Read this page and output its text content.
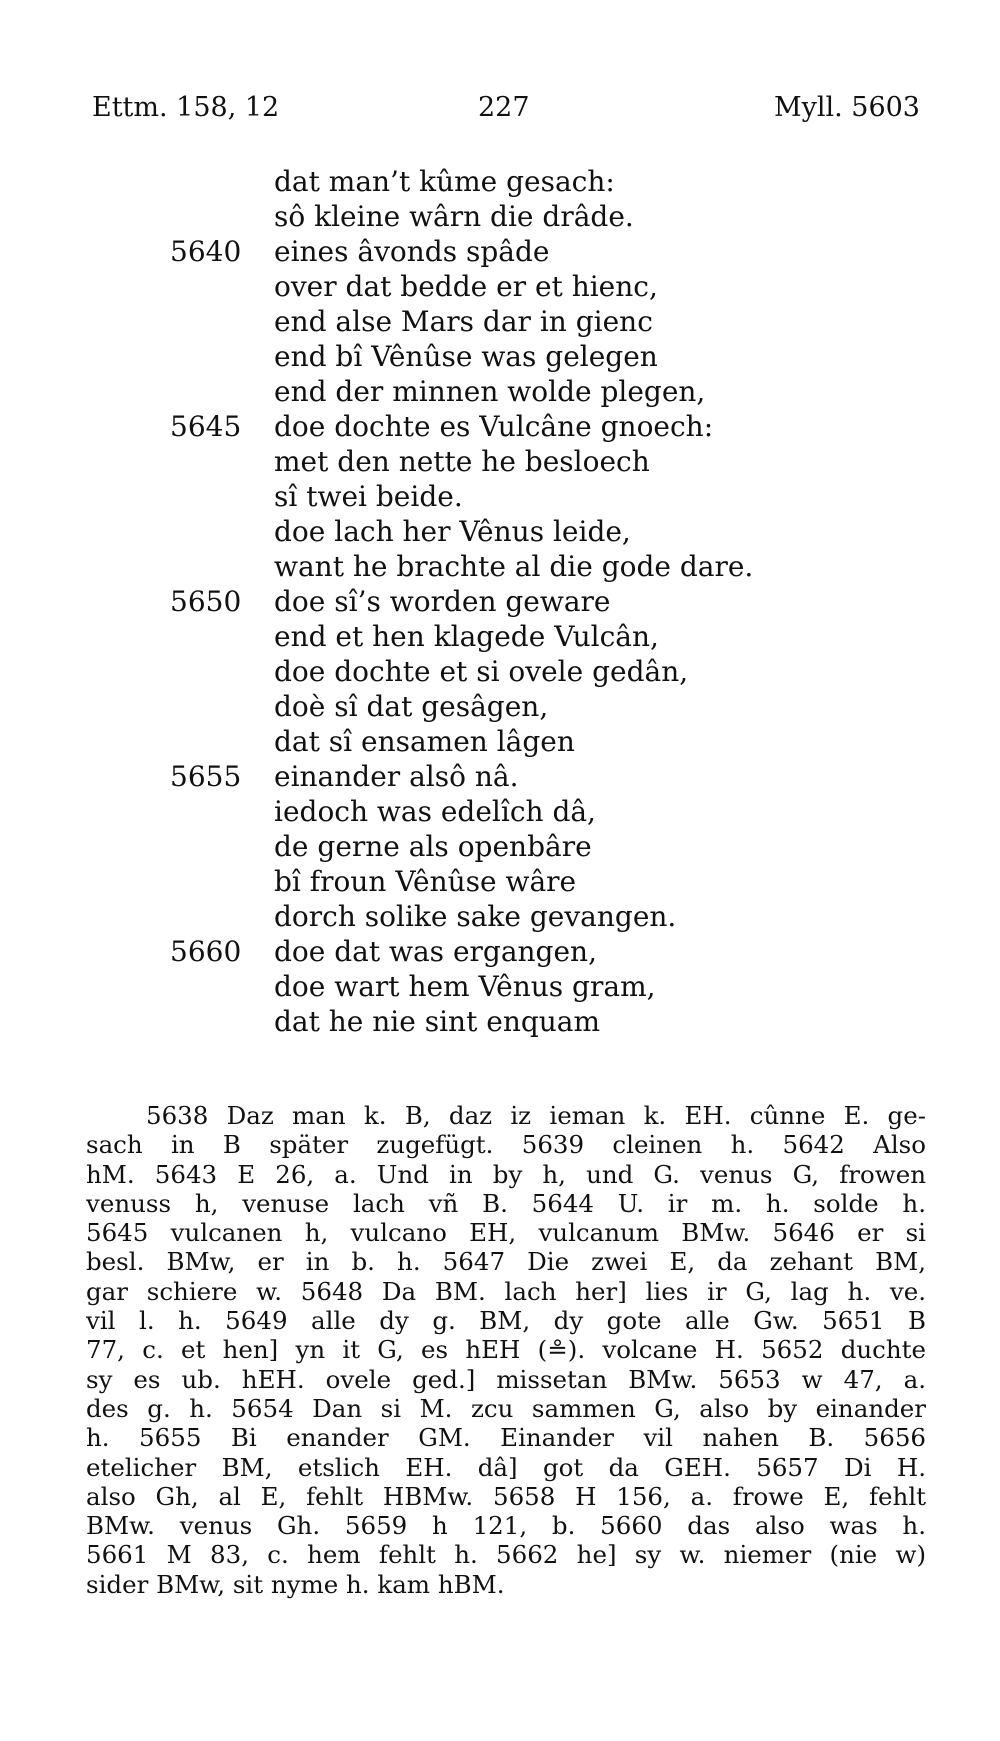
Ettm. 158, 12	227	Myll. 5603
dat man’t kûme gesach:
sô kleine wârn die drâde.
5640	eines âvonds spâde
over dat bedde er et hienc,
end alse Mars dar in gienc
end bî Vênûse was gelegen
end der minnen wolde plegen,
5645	doe dochte es Vulcâne gnoech:
met den nette he besloech
sî twei beide.
doe lach her Vênus leide,
want he brachte al die gode dare.
5650	doe sî’s worden geware
end et hen klagede Vulcân,
doe dochte et si ovele gedân,
doè sî dat gesâgen,
dat sî ensamen lâgen
5655	einander alsô nâ.
iedoch was edelîch dâ,
de gerne als openbâre
bî froun Vênûse wâre
dorch solike sake gevangen.
5660	doe dat was ergangen,
doe wart hem Vênus gram,
dat he nie sint enquam
5638 Daz man k. B, daz iz ieman k. EH. cûnne E. ge-
sach in B später zugefügt. 5639 cleinen h. 5642 Also
hM. 5643 E 26, a. Und in by h, und G. venus G, frowen
venuss h, venuse lach vñ B. 5644 U. ir m. h. solde h.
5645 vulcanen h, vulcano EH, vulcanum BMw. 5646 er si
besl. BMw, er in b. h. 5647 Die zwei E, da zehant BM,
gar schiere w. 5648 Da BM. lach her] lies ir G, lag h. ve.
vil l. h. 5649 alle dy g. BM, dy gote alle Gw. 5651 B
77, c. et hen] yn it G, es hEH (≗). volcane H. 5652 duchte
sy es ub. hEH. ovele ged.] missetan BMw. 5653 w 47, a.
des g. h. 5654 Dan si M. zcu sammen G, also by einander
h. 5655 Bi enander GM. Einander vil nahen B. 5656
etelicher BM, etslich EH. dâ] got da GEH. 5657 Di H.
also Gh, al E, fehlt HBMw. 5658 H 156, a. frowe E, fehlt
BMw. venus Gh. 5659 h 121, b. 5660 das also was h.
5661 M 83, c. hem fehlt h. 5662 he] sy w. niemer (nie w)
sider BMw, sit nyme h. kam hBM.
